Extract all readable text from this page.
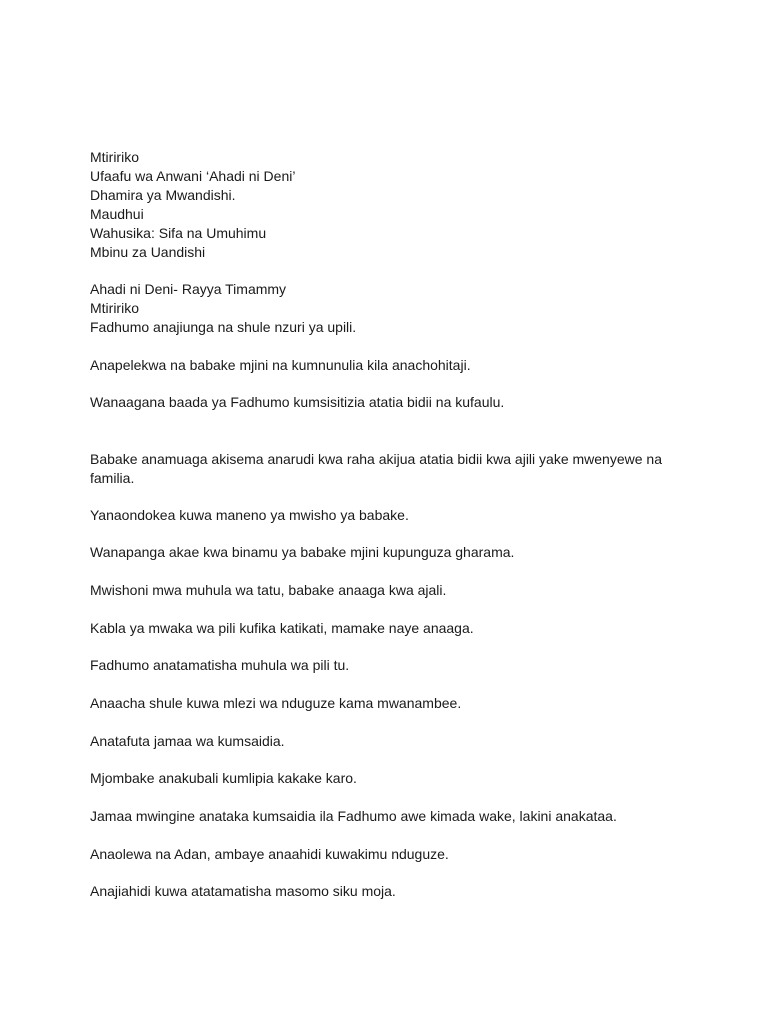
Mtiririko
Ufaafu wa Anwani ‘Ahadi ni Deni’
Dhamira ya Mwandishi.
Maudhui
Wahusika: Sifa na Umuhimu
Mbinu za Uandishi
Ahadi ni Deni- Rayya Timammy
Mtiririko
Fadhumo anajiunga na shule nzuri ya upili.
Anapelekwa na babake mjini na kumnunulia kila anachohitaji.
Wanaagana baada ya Fadhumo kumsisitizia atatia bidii na kufaulu.
Babake anamuaga akisema anarudi kwa raha akijua atatia bidii kwa ajili yake mwenyewe na familia.
Yanaondokea kuwa maneno ya mwisho ya babake.
Wanapanga akae kwa binamu ya babake mjini kupunguza gharama.
Mwishoni mwa muhula wa tatu, babake anaaga kwa ajali.
Kabla ya mwaka wa pili kufika katikati, mamake naye anaaga.
Fadhumo anatamatisha muhula wa pili tu.
Anaacha shule kuwa mlezi wa nduguze kama mwanambee.
Anatafuta jamaa wa kumsaidia.
Mjombake anakubali kumlipia kakake karo.
Jamaa mwingine anataka kumsaidia ila Fadhumo awe kimada wake, lakini anakataa.
Anaolewa na Adan, ambaye anaahidi kuwakimu nduguze.
Anajiahidi kuwa atatamatisha masomo siku moja.
